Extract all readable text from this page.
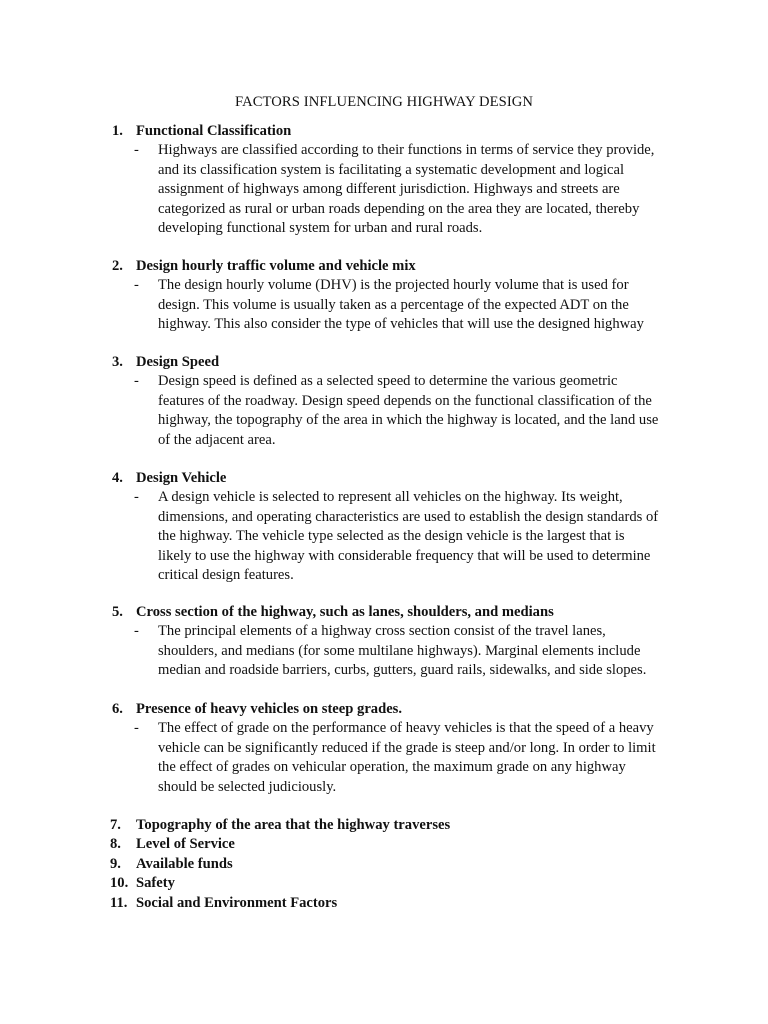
FACTORS INFLUENCING HIGHWAY DESIGN
1. Functional Classification
- Highways are classified according to their functions in terms of service they provide,
and its classification system is facilitating a systematic development and logical
assignment of highways among different jurisdiction. Highways and streets are
categorized as rural or urban roads depending on the area they are located, thereby
developing functional system for urban and rural roads.
2. Design hourly traffic volume and vehicle mix
- The design hourly volume (DHV) is the projected hourly volume that is used for
design. This volume is usually taken as a percentage of the expected ADT on the
highway. This also consider the type of vehicles that will use the designed highway
3. Design Speed
- Design speed is defined as a selected speed to determine the various geometric
features of the roadway. Design speed depends on the functional classification of the
highway, the topography of the area in which the highway is located, and the land use
of the adjacent area.
4. Design Vehicle
- A design vehicle is selected to represent all vehicles on the highway. Its weight,
dimensions, and operating characteristics are used to establish the design standards of
the highway. The vehicle type selected as the design vehicle is the largest that is
likely to use the highway with considerable frequency that will be used to determine
critical design features.
5. Cross section of the highway, such as lanes, shoulders, and medians
- The principal elements of a highway cross section consist of the travel lanes,
shoulders, and medians (for some multilane highways). Marginal elements include
median and roadside barriers, curbs, gutters, guard rails, sidewalks, and side slopes.
6. Presence of heavy vehicles on steep grades.
- The effect of grade on the performance of heavy vehicles is that the speed of a heavy
vehicle can be significantly reduced if the grade is steep and/or long. In order to limit
the effect of grades on vehicular operation, the maximum grade on any highway
should be selected judiciously.
7. Topography of the area that the highway traverses
8. Level of Service
9. Available funds
10. Safety
11. Social and Environment Factors
